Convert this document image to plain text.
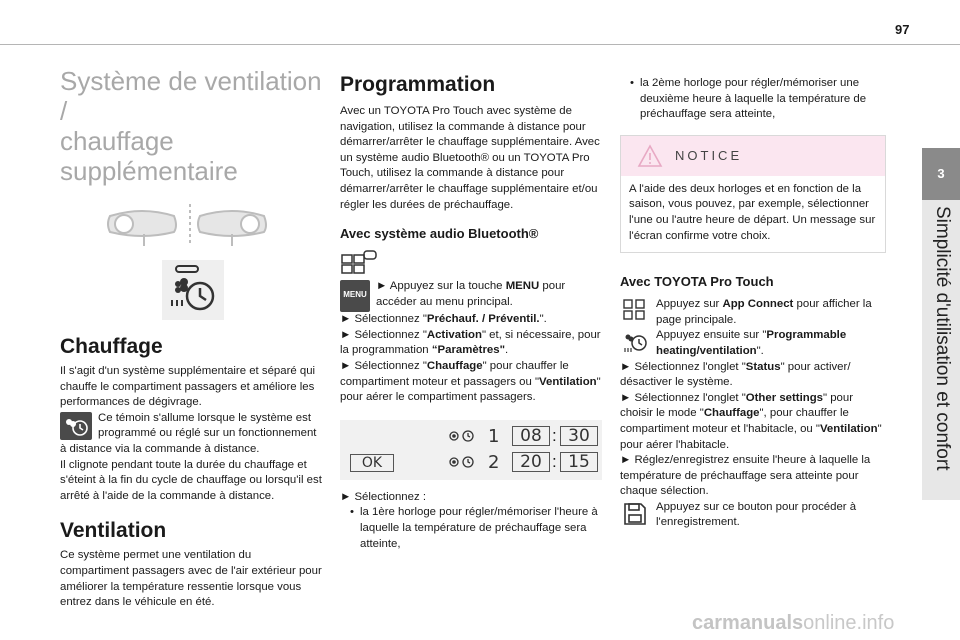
97
3
Simplicité d'utilisation et confort
Système de ventilation /
chauffage supplémentaire
Chauffage

Il s'agit d'un système supplémentaire et séparé qui chauffe le compartiment passagers et améliore les performances de dégivrage.

Ce témoin s'allume lorsque le système est programmé ou réglé sur un fonctionnement à distance via la commande à distance.

Il clignote pendant toute la durée du chauffage et s'éteint à la fin du cycle de chauffage ou lorsqu'il est arrêté à l'aide de la commande à distance.

Ventilation

Ce système permet une ventilation du compartiment passagers avec de l'air extérieur pour améliorer la température ressentie lorsque vous entrez dans le véhicule en été.

Programmation

Avec un TOYOTA Pro Touch avec système de navigation, utilisez la commande à distance pour démarrer/arrêter le chauffage supplémentaire. Avec un système audio Bluetooth® ou un TOYOTA Pro Touch, utilisez la commande à distance pour démarrer/arrêter le chauffage supplémentaire et/ou régler les durées de préchauffage.

Avec système audio Bluetooth®
MENU

► Appuyez sur la touche MENU pour accéder au menu principal.

► Sélectionnez "Préchauf. / Préventil.".

► Sélectionnez "Activation" et, si nécessaire, pour la programmation “Paramètres".

► Sélectionnez "Chauffage" pour chauffer le compartiment moteur et passagers ou "Ventilation" pour aérer le compartiment passagers.

OK
1	08 : 30
2	20 : 15

► Sélectionnez :

• la 1ère horloge pour régler/mémoriser l'heure à laquelle la température de préchauffage sera atteinte,
• la 2ème horloge pour régler/mémoriser une deuxième heure à laquelle la température de préchauffage sera atteinte,
NOTICE
A l'aide des deux horloges et en fonction de la saison, vous pouvez, par exemple, sélectionner l'une ou l'autre heure de départ. Un message sur l'écran confirme votre choix.
Avec TOYOTA Pro Touch

Appuyez sur App Connect pour afficher la page principale.

Appuyez ensuite sur "Programmable heating/ventilation".

► Sélectionnez l'onglet "Status" pour activer/ désactiver le système.

► Sélectionnez l'onglet "Other settings" pour choisir le mode "Chauffage", pour chauffer le compartiment moteur et l'habitacle, ou "Ventilation" pour aérer l'habitacle.

► Réglez/enregistrez ensuite l'heure à laquelle la température de préchauffage sera atteinte pour chaque sélection.

Appuyez sur ce bouton pour procéder à l'enregistrement.

carmanualsonline.info
